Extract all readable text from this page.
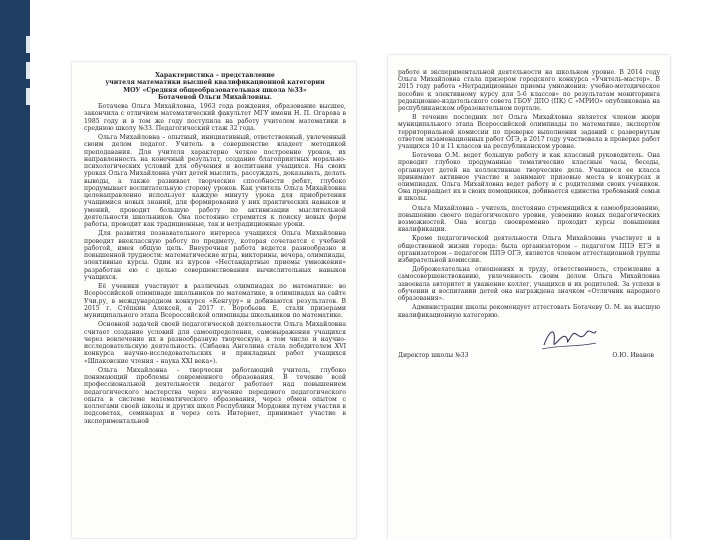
Характеристика – представление
учителя математики высшей квалификационной категории
МОУ «Средняя общеобразовательная школа №33»
Ботачевой Ольги Михайловны.

Ботачева Ольга Михайловна, 1963 года рождения, образование высшее, закончила с отличием математический факультет МГУ имени Н. П. Огарева в 1985 году и в том же году поступила на работу учителем математики в среднюю школу №33. Педагогический стаж 32 года.

Ольга Михайловна – опытный, инициативный, ответственный, увлеченный своим делом педагог. Учитель в совершенстве владеет методикой преподавания. Для учителя характерно четкое построение уроков, их направленность на конечный результат, создание благоприятных морально-психологических условий для обучения и воспитания учащихся. На своих уроках Ольга Михайловна учит детей мыслить, рассуждать, доказывать, делать выводы, а также развивает творческие способности ребят, глубоко продумывает воспитательную сторону уроков. Как учитель Ольга Михайловна целенаправленно использует каждую минуту урока для приобретения учащимися новых знаний, для формирования у них практических навыков и умений, проводит большую работу по активизации мыслительной деятельности школьников. Она постоянно стремится к поиску новых форм работы, проводит как традиционные, так и нетрадиционные уроки.

Для развития познавательного интереса учащихся Ольга Михайловна проводит внеклассную работу по предмету, которая сочетается с учебной работой, имея общую цель. Внеурочная работа ведется разнообразно и повышенной трудности: математические игры, викторины, вечера, олимпиады, элективные курсы. Один из курсов «Нестандартные приемы умножения» разработан ею с целью совершенствования вычислительных навыков учащихся.

Её ученики участвуют в различных олимпиадах по математике: во Всероссийской олимпиаде школьников по математике, в олимпиадах на сайте Учи.ру, в международном конкурсе «Кенгуру» и добиваются результатов. В 2015 г. Стёпкин Алексей, а 2017 г. Воробьева Е. стали призерами муниципального этапа Всероссийской олимпиады школьников по математике.

Основной задачей своей педагогической деятельности Ольга Михайловна считает создание условий для самоопределения, самовыражения учащихся через вовлечение их в разнообразную творческую, в том числе и научно-исследовательскую деятельность. (Сибаева Ангелина стала победителем XVI конкурса научно-исследовательских и прикладных работ учащихся «Шпаковские чтения – наука XXI века»).

Ольга Михайловна – творчески работающий учитель, глубоко понимающий проблемы современного образования. В течение всей профессиональной деятельности педагог работает над повышением педагогического мастерства через изучение передового педагогического опыта в системе математического образования, через обмен опытом с коллегами своей школы и других школ Республики Мордовия путем участия в педсоветах, семинарах и через сеть Интернет, принимает участие в экспериментальной

работе и экспериментальной деятельности на школьном уровне. В 2014 году Ольга Михайловна стала призером городского конкурса «Учитель-мастер». В 2015 году работа «Нетрадиционные приемы умножения: учебно-методическое пособие к элективному курсу для 5-6 классов» по результатам мониторинга редакционно-издательского совета ГБОУ ДПО (ПК) С «МРИО» опубликована на республиканском образовательном портале.

В течение последних лет Ольга Михайловна является членом жюри муниципального этапа Всероссийской олимпиады по математике, экспертом территориальной комиссии по проверке выполнения заданий с развернутым ответом экзаменационных работ ОГЭ, в 2017 году участвовала в проверке работ учащихся 10 и 11 классов на республиканском уровне.

Ботачева О.М. ведет большую работу и как классный руководитель. Она проводит глубоко продуманные тематические классные часы, беседы, организует детей на коллективные творческие дела. Учащиеся ее класса принимают активное участие и занимают призовые места в конкурсах и олимпиадах. Ольга Михайловна ведет работу и с родителями своих учеников. Она превращает их в своих помощников, добивается единства требований семьи и школы.

Ольга Михайловна – учитель, постоянно стремящийся к самообразованию, повышению своего педагогического уровня, усвоению новых педагогических возможностей. Она всегда своевременно проходит курсы повышения квалификации.

Кроме педагогической деятельности Ольга Михайловна участвует и в общественной жизни города: была организатором – педагогом ППЭ ЕГЭ и организатором – педагогом ППЭ ОГЭ, является членом аттестационной группы избирательной комиссии.

Доброжелательна отношениях и труду, ответственность, стремление к самосовершенствованию, увлеченность своим делом Ольга Михайловна завоевала авторитет и уважение коллег, учащихся и их родителей. За успехи в обучении и воспитании детей она награждена значком «Отличник народного образования».

Администрация школы рекомендует аттестовать Ботачеву О. М. на высшую квалификационную категорию.

Директор школы №33	О.Ю. Иванов
